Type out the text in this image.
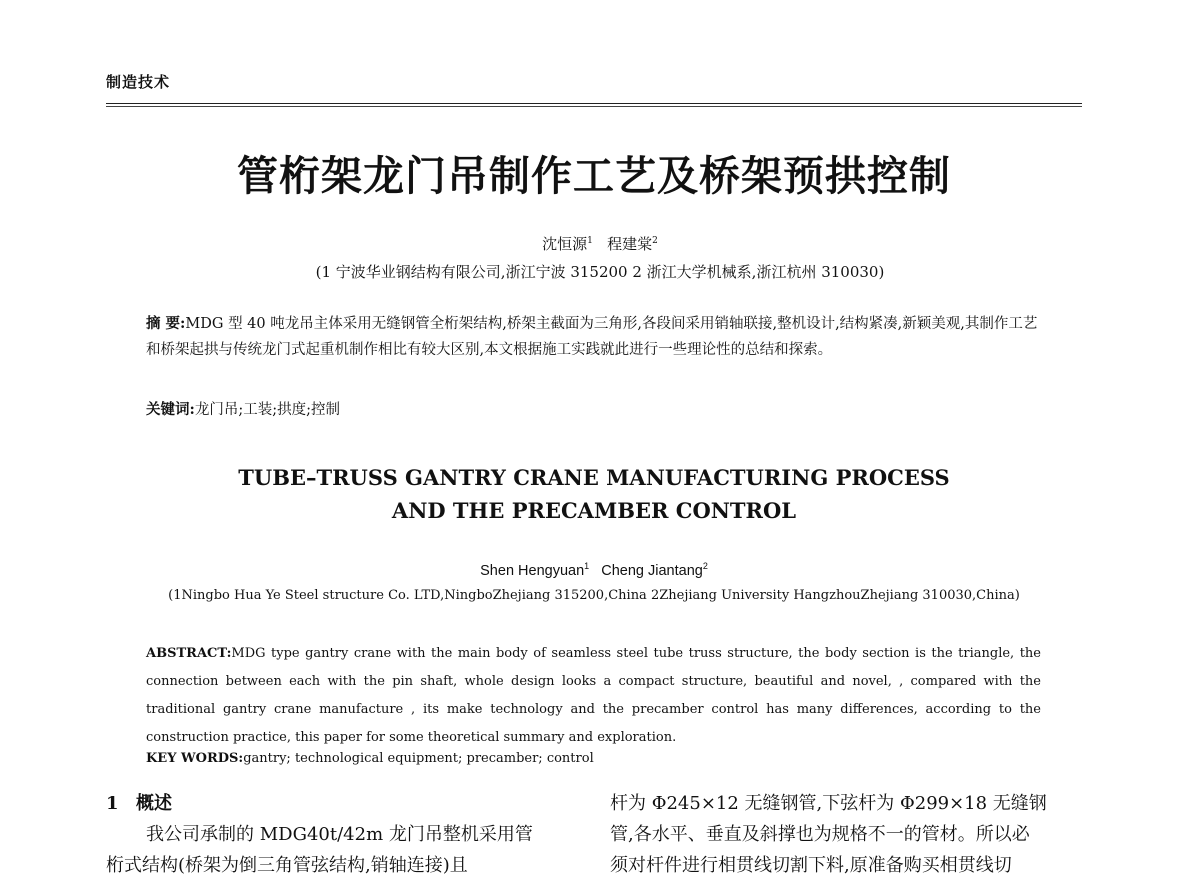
制造技术
管桁架龙门吊制作工艺及桥架预拱控制
沈恒源$^1$ 程建棠$^2$
(1 宁波华业钢结构有限公司,浙江宁波 315200 2 浙江大学机械系,浙江杭州 310030)
摘 要:MDG 型 40 吨龙吊主体采用无缝钢管全桁架结构,桥架主截面为三角形,各段间采用销轴联接,整机设计,结构紧凑,新颖美观,其制作工艺和桥架起拱与传统龙门式起重机制作相比有较大区别,本文根据施工实践就此进行一些理论性的总结和探索。
关键词:龙门吊;工装;拱度;控制
TUBE–TRUSS GANTRY CRANE MANUFACTURING PROCESS
AND THE PRECAMBER CONTROL
Shen Hengyuan$^1$ Cheng Jiantang$^2$
(1Ningbo Hua Ye Steel structure Co. LTD,NingboZhejiang 315200,China 2Zhejiang University HangzhouZhejiang 310030,China)
ABSTRACT:MDG type gantry crane with the main body of seamless steel tube truss structure, the body section is the triangle, the connection between each with the pin shaft, whole design looks a compact structure, beautiful and novel, , compared with the traditional gantry crane manufacture , its make technology and the precamber control has many differences, according to the construction practice, this paper for some theoretical summary and exploration.
KEY WORDS:gantry; technological equipment; precamber; control
1 概述
我公司承制的 MDG40t/42m 龙门吊整机采用管
桁式结构(桥架为倒三角管弦结构,销轴连接)且
杆为 Φ245×12 无缝钢管,下弦杆为 Φ299×18 无缝钢
管,各水平、垂直及斜撑也为规格不一的管材。所以必
须对杆件进行相贯线切割下料,原准备购买相贯线切
